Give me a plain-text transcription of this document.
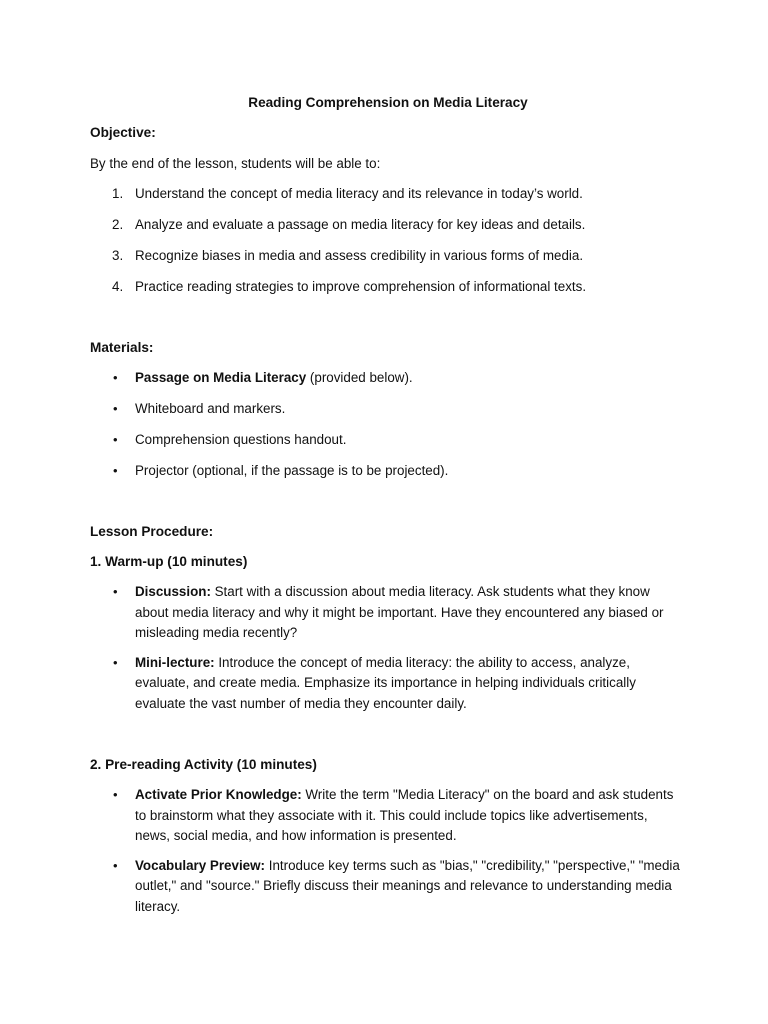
Reading Comprehension on Media Literacy
Objective:
By the end of the lesson, students will be able to:
1. Understand the concept of media literacy and its relevance in today’s world.
2. Analyze and evaluate a passage on media literacy for key ideas and details.
3. Recognize biases in media and assess credibility in various forms of media.
4. Practice reading strategies to improve comprehension of informational texts.
Materials:
• Passage on Media Literacy (provided below).
• Whiteboard and markers.
• Comprehension questions handout.
• Projector (optional, if the passage is to be projected).
Lesson Procedure:
1. Warm-up (10 minutes)
• Discussion: Start with a discussion about media literacy. Ask students what they know about media literacy and why it might be important. Have they encountered any biased or misleading media recently?
• Mini-lecture: Introduce the concept of media literacy: the ability to access, analyze, evaluate, and create media. Emphasize its importance in helping individuals critically evaluate the vast number of media they encounter daily.
2. Pre-reading Activity (10 minutes)
• Activate Prior Knowledge: Write the term "Media Literacy" on the board and ask students to brainstorm what they associate with it. This could include topics like advertisements, news, social media, and how information is presented.
• Vocabulary Preview: Introduce key terms such as "bias," "credibility," "perspective," "media outlet," and "source." Briefly discuss their meanings and relevance to understanding media literacy.
